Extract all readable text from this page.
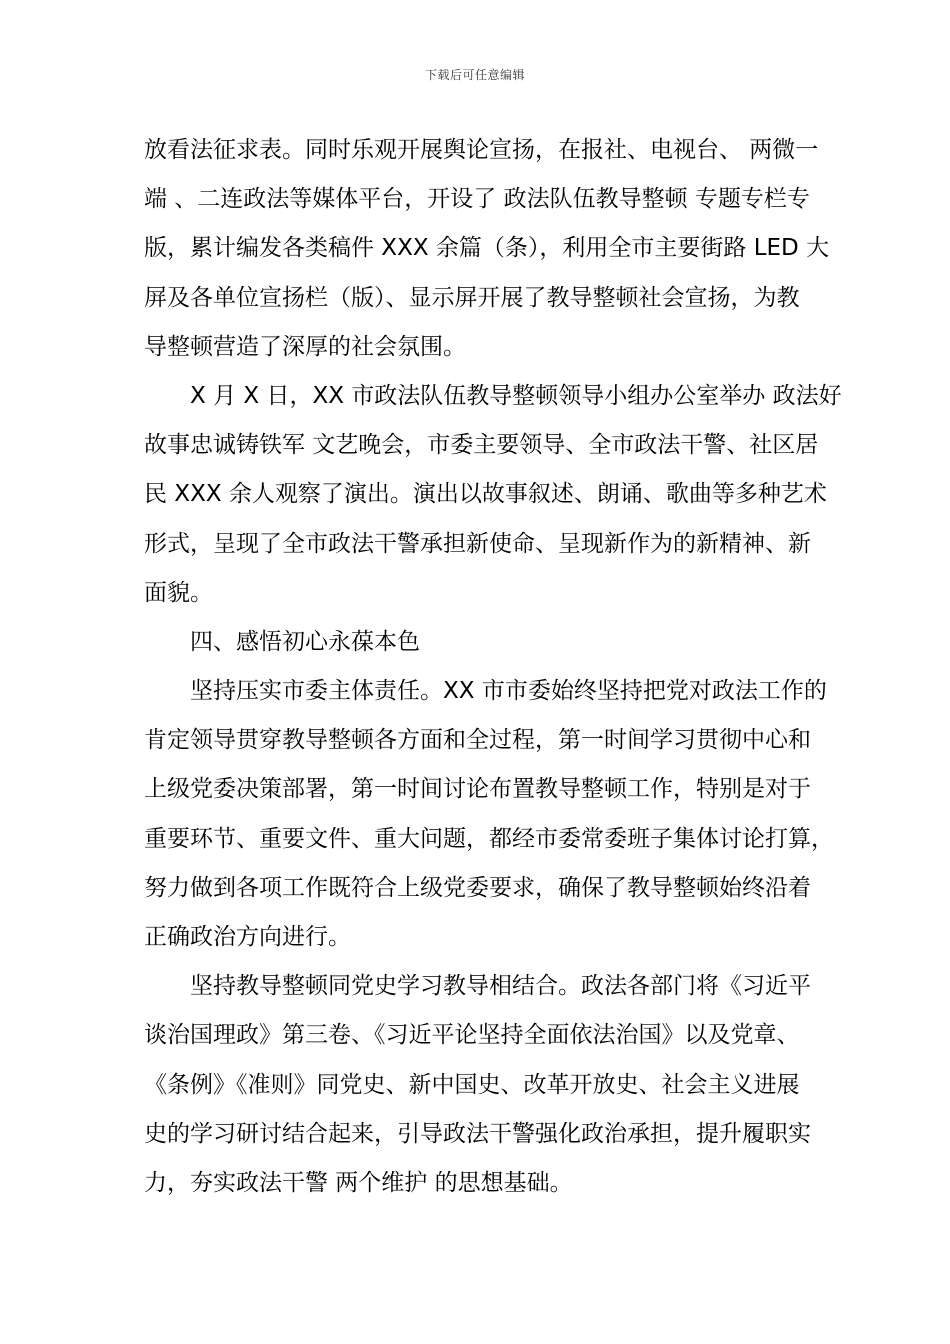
下载后可任意编辑
放看法征求表。同时乐观开展舆论宣扬，在报社、电视台、 两微一
端 、二连政法等媒体平台，开设了 政法队伍教导整顿 专题专栏专
版，累计编发各类稿件 XXX 余篇（条），利用全市主要街路 LED 大
屏及各单位宣扬栏（版）、显示屏开展了教导整顿社会宣扬，为教
导整顿营造了深厚的社会氛围。
X 月 X 日，XX 市政法队伍教导整顿领导小组办公室举办 政法好
故事忠诚铸铁军 文艺晚会，市委主要领导、全市政法干警、社区居
民 XXX 余人观察了演出。演出以故事叙述、朗诵、歌曲等多种艺术
形式，呈现了全市政法干警承担新使命、呈现新作为的新精神、新
面貌。
四、感悟初心永葆本色
坚持压实市委主体责任。XX 市市委始终坚持把党对政法工作的
肯定领导贯穿教导整顿各方面和全过程，第一时间学习贯彻中心和
上级党委决策部署，第一时间讨论布置教导整顿工作，特别是对于
重要环节、重要文件、重大问题，都经市委常委班子集体讨论打算，
努力做到各项工作既符合上级党委要求，确保了教导整顿始终沿着
正确政治方向进行。
坚持教导整顿同党史学习教导相结合。政法各部门将《习近平
谈治国理政》第三卷、《习近平论坚持全面依法治国》以及党章、
《条例》《准则》同党史、新中国史、改革开放史、社会主义进展
史的学习研讨结合起来，引导政法干警强化政治承担，提升履职实
力，夯实政法干警 两个维护 的思想基础。
